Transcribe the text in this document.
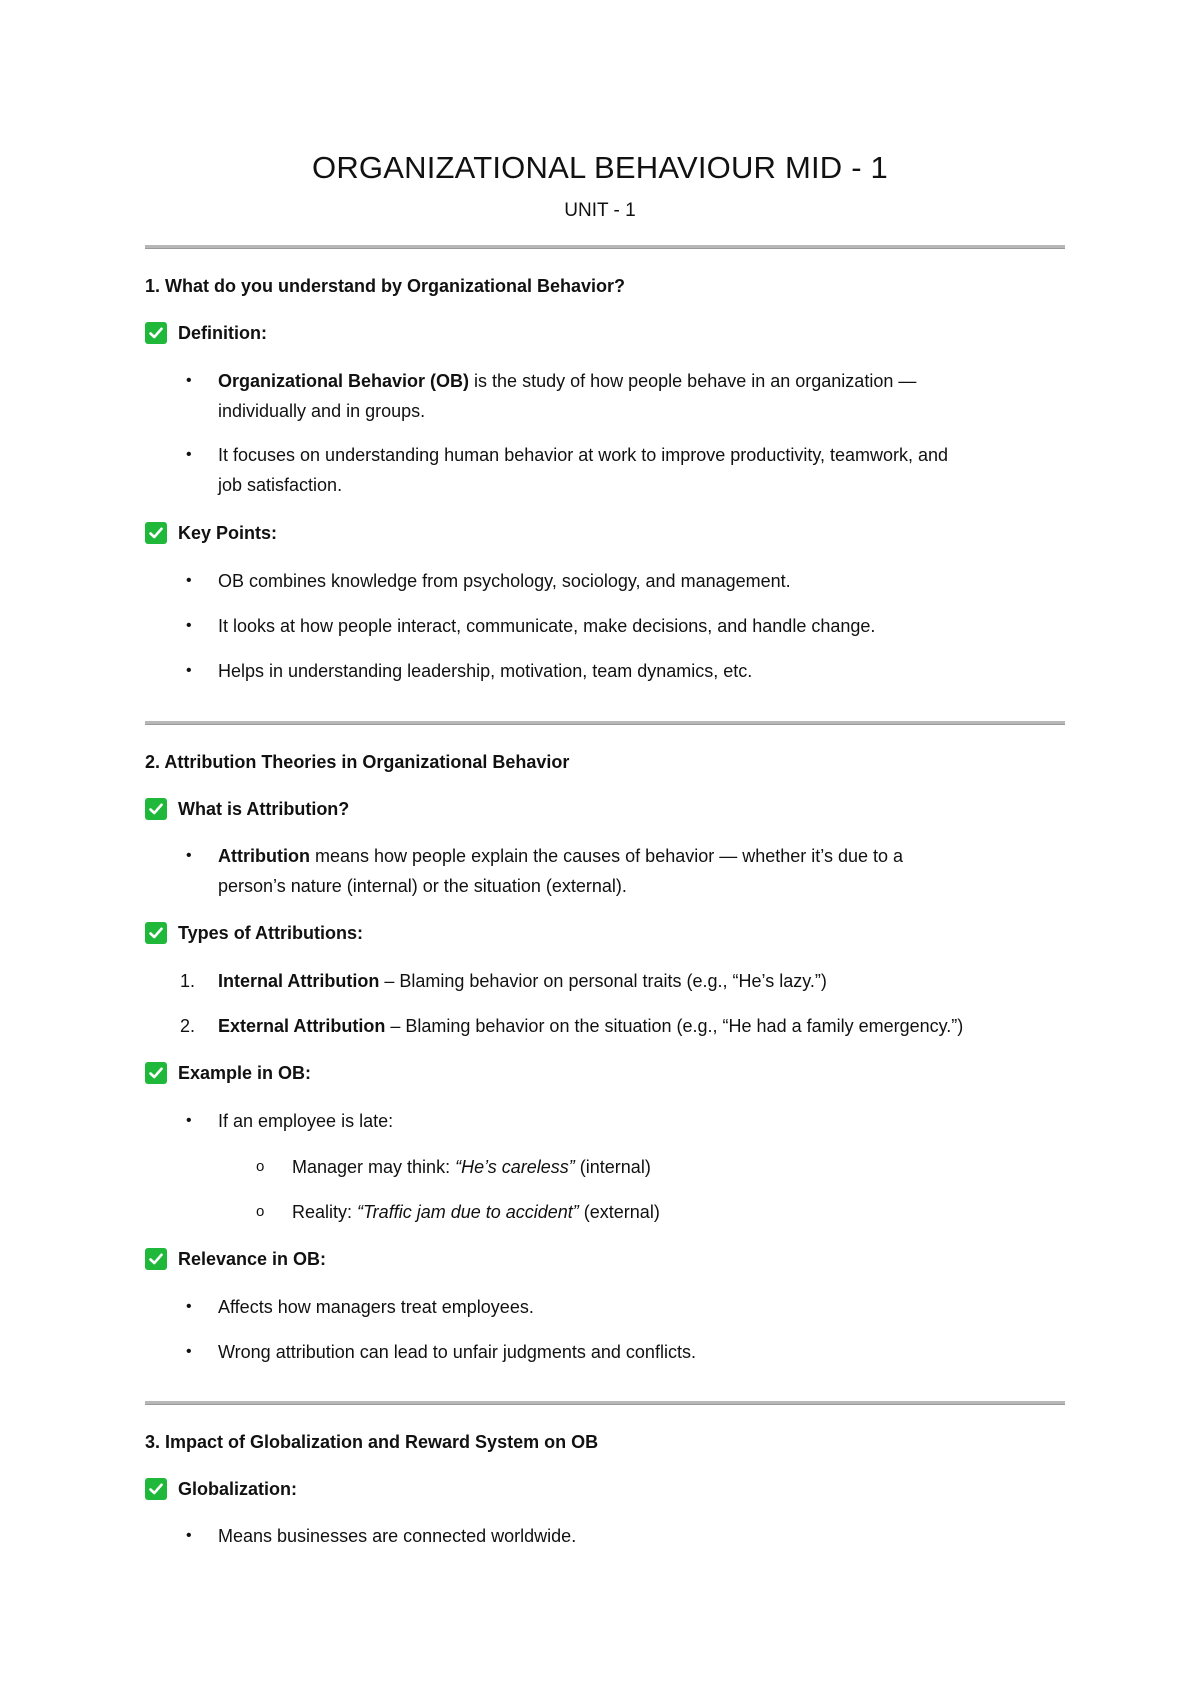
ORGANIZATIONAL BEHAVIOUR MID - 1
UNIT - 1
1. What do you understand by Organizational Behavior?
Definition:
• Organizational Behavior (OB) is the study of how people behave in an organization —
individually and in groups.
• It focuses on understanding human behavior at work to improve productivity, teamwork, and
job satisfaction.
Key Points:
• OB combines knowledge from psychology, sociology, and management.
• It looks at how people interact, communicate, make decisions, and handle change.
• Helps in understanding leadership, motivation, team dynamics, etc.
2. Attribution Theories in Organizational Behavior
What is Attribution?
• Attribution means how people explain the causes of behavior — whether it’s due to a
person’s nature (internal) or the situation (external).
Types of Attributions:
1. Internal Attribution – Blaming behavior on personal traits (e.g., “He’s lazy.”)
2. External Attribution – Blaming behavior on the situation (e.g., “He had a family emergency.”)
Example in OB:
• If an employee is late:
o Manager may think: “He’s careless” (internal)
o Reality: “Traffic jam due to accident” (external)
Relevance in OB:
• Affects how managers treat employees.
• Wrong attribution can lead to unfair judgments and conflicts.
3. Impact of Globalization and Reward System on OB
Globalization:
• Means businesses are connected worldwide.
